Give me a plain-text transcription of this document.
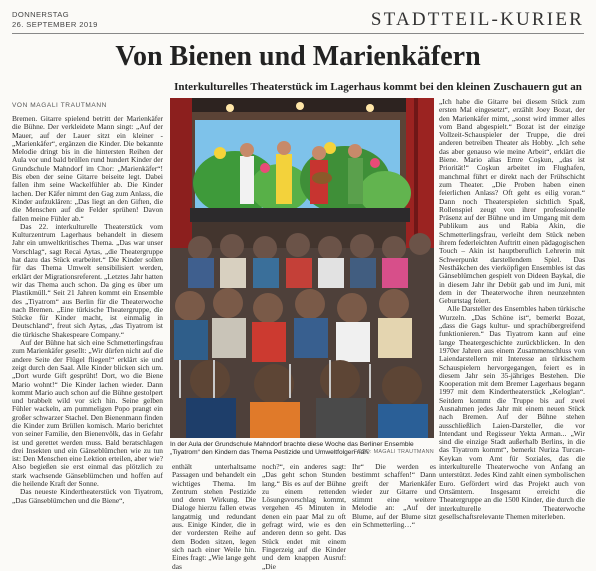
DONNERSTAG
26. SEPTEMBER 2019	STADTTEIL-KURIER
Von Bienen und Marienkäfern
Interkulturelles Theaterstück im Lagerhaus kommt bei den kleinen Zuschauern gut an
VON MAGALI TRAUTMANN

Bremen. Gitarre spielend betritt der Marienkäfer die Bühne. Der verkleidete Mann singt: „Auf der Mauer, auf der Lauer sitzt ein kleiner - „Marienkäfer“, ergänzen die Kinder. Die bekannte Melodie dringt bis in die hintersten Reihen der Aula vor und bald brüllen rund hundert Kinder der Grundschule Mahndorf im Chor: „Marienkäfer“! Bis eben der seine Gitarre beiseite legt. Dabei fallen ihm seine Wackelfühler ab. Die Kinder lachen. Der Käfer nimmt den Gag zum Anlass, die Kinder aufzuklären: „Das liegt an den Giften, die die Menschen auf die Felder sprühen! Davon fallen meine Fühler ab.“

Das 22. interkulturelle Theaterstück vom Kulturzentrum Lagerhaus behandelt in diesem Jahr ein umweltkritisches Thema. „Das war unser Vorschlag“, sagt Recai Aytas, „die Theatergruppe hat dazu das Stück erarbeitet.“ Die Kinder sollen für das Thema Umwelt sensibilisiert werden, erklärt der Migrationsreferent. „Letztes Jahr hatten wir das Thema auch schon. Da ging es über um Plastikmüll.“ Seit 21 Jahren kommt ein Ensemble des „Tiyatrom“ aus Berlin für die Theaterwoche nach Bremen. „Eine türkische Theatergruppe, die Stücke für Kinder macht, ist einmalig in Deutschland“, freut sich Aytas, „das Tiyatrom ist die türkische Shakespeare Company.“

Auf der Bühne hat sich eine Schmetterlingsfrau zum Marienkäfer gesellt: „Wir dürfen nicht auf die andere Seite der Flügel fliegen!“ erklärt sie und zeigt durch den Saal. Alle Kinder blicken sich um. „Dort wurde Gift gesprüht! Dort, wo die Biene Mario wohnt!“ Die Kinder lachen wieder. Dann kommt Mario auch schon auf die Bühne gestolpert und brabbelt wild vor sich hin. Seine gelben Fühler wackeln, am pummeligen Popo prangt ein großer schwarzer Stachel. Den Bienenmann finden die Kinder zum Brüllen komisch. Mario berichtet von seiner Familie, den Bienenvölk, das in Gefahr ist und gerettet werden muss. Bald beratschlagen drei Insekten und ein Gänseblümchen wie zu tun ist: Den Menschen eine Lektion erteilen, aber wie? Also begießen sie erst einmal das plötzlich zu stark wachsende Gänseblümchen und hoffen auf die heilende Kraft der Sonne.

Das neueste Kindertheaterstück von Tiyatrom, „Das Gänseblümchen und die Biene“,

In der Aula der Grundschule Mahndorf brachte diese Woche das Berliner Ensemble „Tiyatrom“ den Kindern das Thema Pestizide und Umweltfolgen nah.
FOTO: MAGALI TRAUTMANN

enthält unterhaltsame Passagen und behandelt ein wichtiges Thema. Im Zentrum stehen Pestizide und deren Wirkung. Die Dialoge hierzu fallen etwas langatmig und redundant aus. Einige Kinder, die in der vordersten Reihe auf dem Boden sitzen, legen sich nach einer Weile hin. Eines fragt: „Wie lange geht das

noch?“, ein anderes sagt: „Das geht schon Stunden lang.“ Bis es auf der Bühne zu einem rettenden Lösungsvorschlag kommt, vergehen 45 Minuten in denen ein paar Mal zu oft gefragt wird, wie es den anderen denn so geht. Das Stück endet mit einem Fingerzeig auf die Kinder und dem knappen Ausruf: „Die

Ihr“ Die werden es bestimmt schaffen!“ Dann greift der Marienkäfer wieder zur Gitarre und stimmt eine weitere Melodie an: „Auf der Blume, auf der Blume sitzt ein Schmetterling…“

„Ich habe die Gitarre bei diesem Stück zum ersten Mal eingesetzt“, erzählt Joey Bozat, der den Marienkäfer mimt, „sonst wird immer alles vom Band abgespielt.“ Bozat ist der einzige Vollzeit-Schauspieler der Truppe, die drei anderen betreiben Theater als Hobby. „Ich sehe das aber genauso wie meine Arbeit“, erklärt die Biene. Mario alias Emre Coşkun, „das ist Priorität!“ Coşkun arbeitet im Flughafen, manchmal führt er direkt nach der Frühschicht zum Theater. „Die Proben haben einen feierlichen Anlass? Oft geht es eilig voran.“ Dann noch Theaterspielen sichtlich Spaß, Rollenspiel zeugt von ihrer professionelle Präsenz auf der Bühne und im Umgang mit dem Publikum aus und Rabia Akin, die Schmetterlingsfrau, verleiht dem Stück neben ihrem federleichten Auftritt einen pädagogischen Touch – Akin ist hauptberuflich Lehrerin mit Schwerpunkt darstellendem Spiel. Das Nesthäkchen des vierköpfigen Ensembles ist das Gänseblümchen gespielt von Dideen Baykal, die in diesem Jahr ihr Debüt gab und im Juni, mit dem in der Theaterwoche ihren neunzehnten Geburtstag feiert.

Alle Darsteller des Ensembles haben türkische Wurzeln. „Das Schöne ist“, bemerkt Bozat, „dass die Gags kultur- und sprachübergreifend funktionieren.“ Das Tiyatrom kann auf eine lange Theatergeschichte zurückblicken. In den 1970er Jahren aus einem Zusammenschluss von Laiendarstellern mit Interesse an türkischem Schauspielern hervorgegangen, feiert es in diesem Jahr sein 35-jähriges Bestehen. Die Kooperation mit dem Bremer Lagerhaus begann 1997 mit dem Kindertheaterstück „Keloglan“. Seitdem kommt die Truppe bis auf zwei Ausnahmen jedes Jahr mit einem neuen Stück nach Bremen. Auf der Bühne stehen ausschließlich Laien-Darsteller, die vor Intendant und Regisseur Yekta Arman... „Wir sind die einzige Stadt außerhalb Berlins, in die das Tiyatrom kommt“, bemerkt Nuriza Turcan-Keykan vom Amt für Soziales, das die interkulturelle Theaterwoche von Anfang an unterstützt. Jedes Kind zahlt einen symbolischen Euro. Gefördert wird das Projekt auch von Ortsämtern. Insgesamt erreicht die Theatergruppe an die 1500 Kinder, die durch die interkulturelle Theaterwoche gesellschaftsrelevante Themen miterleben.
